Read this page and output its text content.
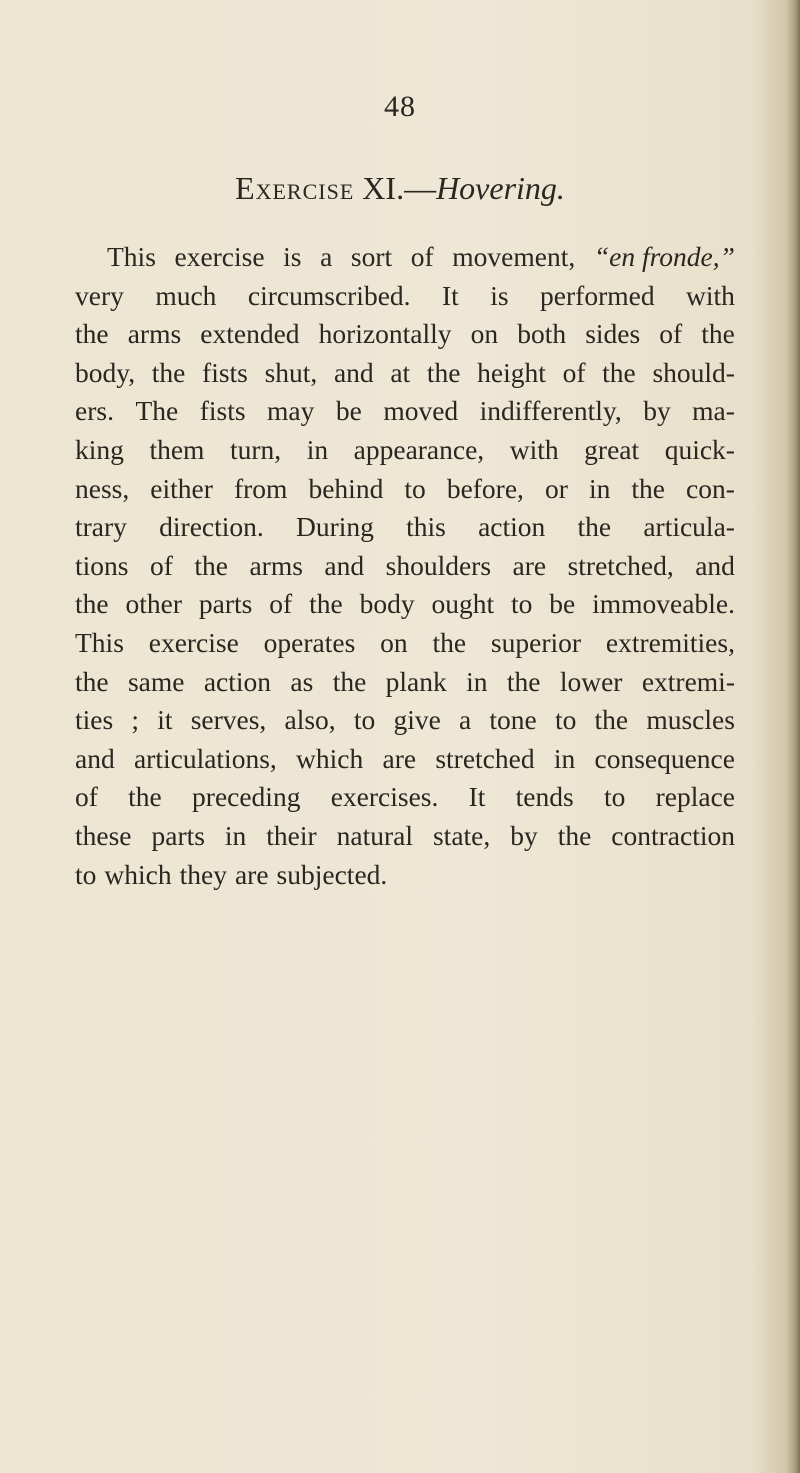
48
Exercise XI.—Hovering.
This exercise is a sort of movement, “en fronde,”
very much circumscribed. It is performed with
the arms extended horizontally on both sides of the
body, the fists shut, and at the height of the should-
ers. The fists may be moved indifferently, by ma-
king them turn, in appearance, with great quick-
ness, either from behind to before, or in the con-
trary direction. During this action the articula-
tions of the arms and shoulders are stretched, and
the other parts of the body ought to be immoveable.
This exercise operates on the superior extremities,
the same action as the plank in the lower extremi-
ties ; it serves, also, to give a tone to the muscles
and articulations, which are stretched in consequence
of the preceding exercises. It tends to replace
these parts in their natural state, by the contraction
to which they are subjected.
